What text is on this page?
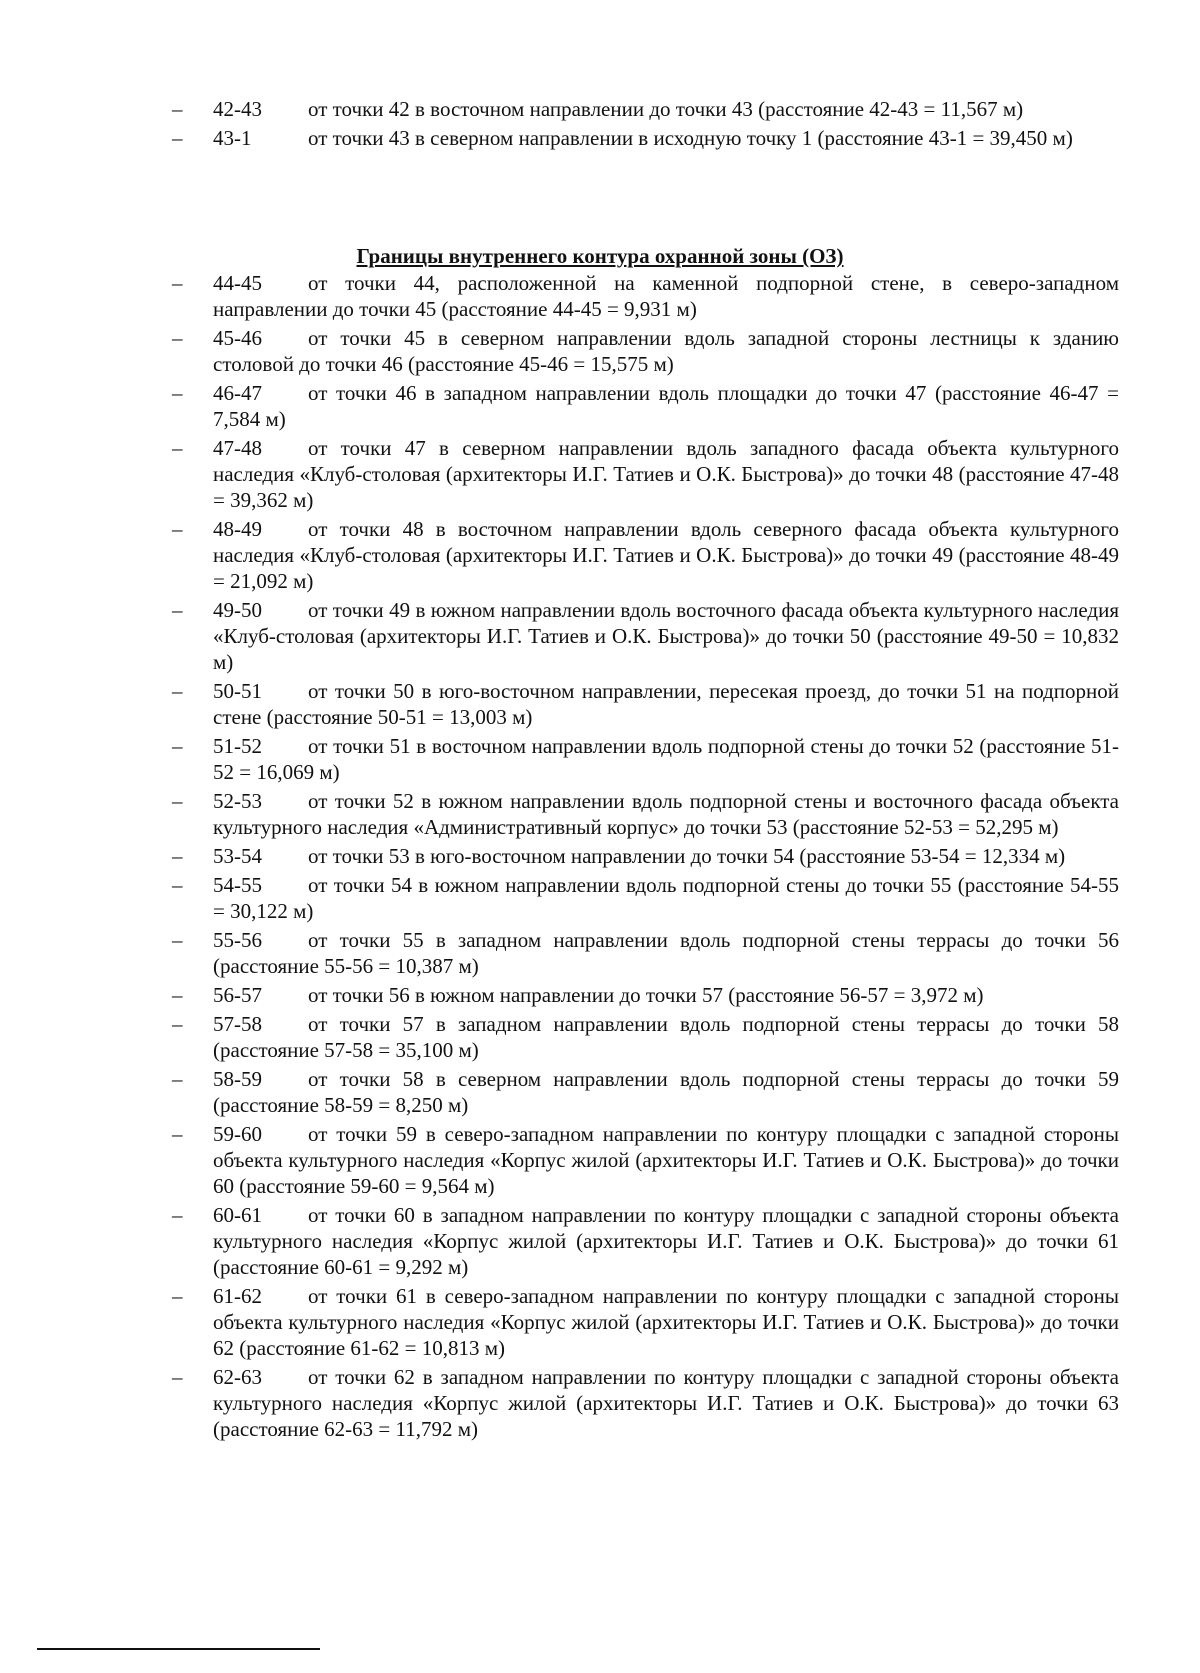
– 42-43 от точки 42 в восточном направлении до точки 43 (расстояние 42-43 = 11,567 м)
– 43-1	от точки 43 в северном направлении в исходную точку 1 (расстояние 43-1 = 39,450 м)
Границы внутреннего контура охранной зоны (ОЗ)
– 44-45 от точки 44, расположенной на каменной подпорной стене, в северо-западном направлении до точки 45 (расстояние 44-45 = 9,931 м)
– 45-46 от точки 45 в северном направлении вдоль западной стороны лестницы к зданию столовой до точки 46 (расстояние 45-46 = 15,575 м)
– 46-47 от точки 46 в западном направлении вдоль площадки до точки 47 (расстояние 46-47 = 7,584 м)
– 47-48 от точки 47 в северном направлении вдоль западного фасада объекта культурного наследия «Клуб-столовая (архитекторы И.Г. Татиев и О.К. Быстрова)» до точки 48 (расстояние 47-48 = 39,362 м)
– 48-49 от точки 48 в восточном направлении вдоль северного фасада объекта культурного наследия «Клуб-столовая (архитекторы И.Г. Татиев и О.К. Быстрова)» до точки 49 (расстояние 48-49 = 21,092 м)
– 49-50 от точки 49 в южном направлении вдоль восточного фасада объекта культурного наследия «Клуб-столовая (архитекторы И.Г. Татиев и О.К. Быстрова)» до точки 50 (расстояние 49-50 = 10,832 м)
– 50-51 от точки 50 в юго-восточном направлении, пересекая проезд, до точки 51 на подпорной стене (расстояние 50-51 = 13,003 м)
– 51-52 от точки 51 в восточном направлении вдоль подпорной стены до точки 52 (расстояние 51-52 = 16,069 м)
– 52-53 от точки 52 в южном направлении вдоль подпорной стены и восточного фасада объекта культурного наследия «Административный корпус» до точки 53 (расстояние 52-53 = 52,295 м)
– 53-54 от точки 53 в юго-восточном направлении до точки 54 (расстояние 53-54 = 12,334 м)
– 54-55 от точки 54 в южном направлении вдоль подпорной стены до точки 55 (расстояние 54-55 = 30,122 м)
– 55-56 от точки 55 в западном направлении вдоль подпорной стены террасы до точки 56 (расстояние 55-56 = 10,387 м)
– 56-57 от точки 56 в южном направлении до точки 57 (расстояние 56-57 = 3,972 м)
– 57-58 от точки 57 в западном направлении вдоль подпорной стены террасы до точки 58 (расстояние 57-58 = 35,100 м)
– 58-59 от точки 58 в северном направлении вдоль подпорной стены террасы до точки 59 (расстояние 58-59 = 8,250 м)
– 59-60 от точки 59 в северо-западном направлении по контуру площадки с западной стороны объекта культурного наследия «Корпус жилой (архитекторы И.Г. Татиев и О.К. Быстрова)» до точки 60 (расстояние 59-60 = 9,564 м)
– 60-61 от точки 60 в западном направлении по контуру площадки с западной стороны объекта культурного наследия «Корпус жилой (архитекторы И.Г. Татиев и О.К. Быстрова)» до точки 61 (расстояние 60-61 = 9,292 м)
– 61-62 от точки 61 в северо-западном направлении по контуру площадки с западной стороны объекта культурного наследия «Корпус жилой (архитекторы И.Г. Татиев и О.К. Быстрова)» до точки 62 (расстояние 61-62 = 10,813 м)
– 62-63 от точки 62 в западном направлении по контуру площадки с западной стороны объекта культурного наследия «Корпус жилой (архитекторы И.Г. Татиев и О.К. Быстрова)» до точки 63 (расстояние 62-63 = 11,792 м)
